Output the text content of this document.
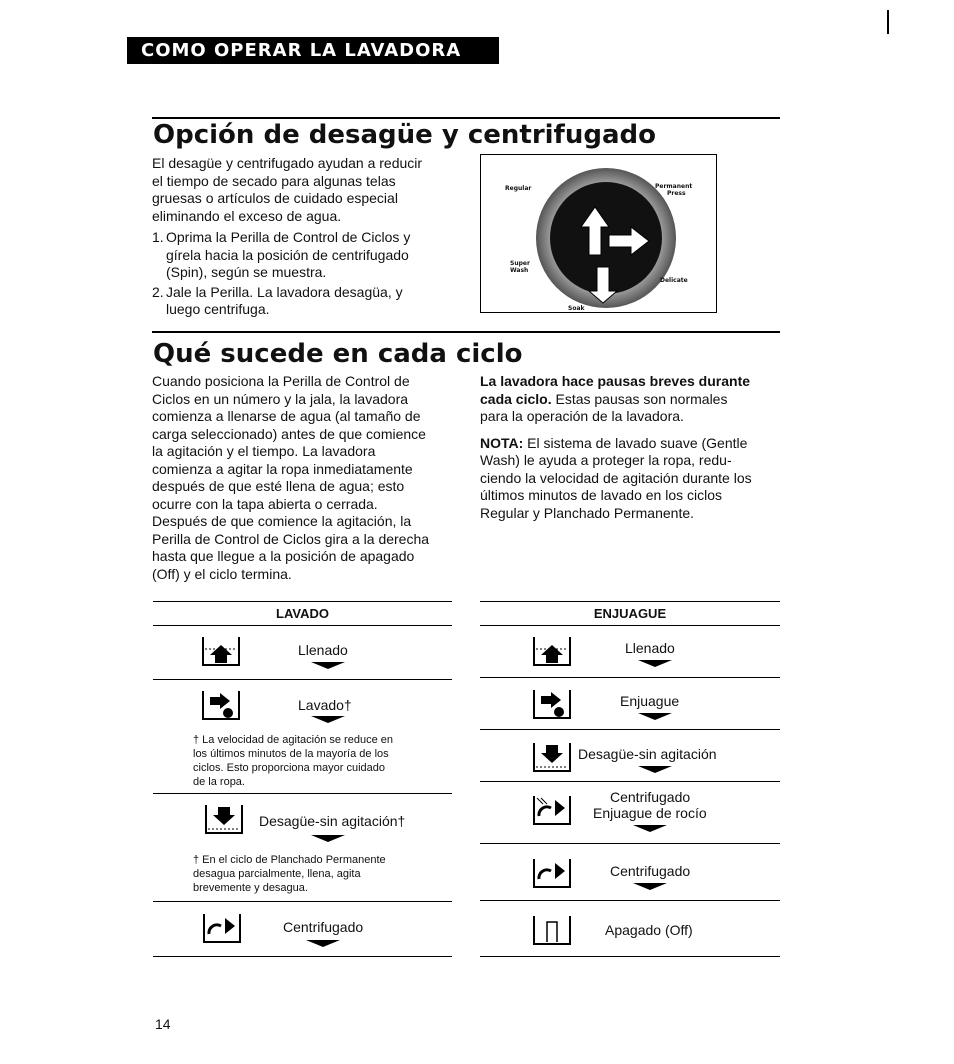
COMO OPERAR LA LAVADORA
Opción de desagüe y centrifugado

El desagüe y centrifugado ayudan a reducir

el tiempo de secado para algunas telas

gruesas o artículos de cuidado especial

eliminando el exceso de agua.

1. Oprima la Perilla de Control de Ciclos y

gírela hacia la posición de centrifugado

(Spin), según se muestra.

2. Jale la Perilla. La lavadora desagüa, y

luego centrifuga.

Regular	Permanent
Press
Super
Wash
Delicate
Soak
Qué sucede en cada ciclo

Cuando posiciona la Perilla de Control de

Ciclos en un número y la jala, la lavadora

comienza a llenarse de agua (al tamaño de

carga seleccionado) antes de que comience

la agitación y el tiempo. La lavadora

comienza a agitar la ropa inmediatamente

después de que esté llena de agua; esto

ocurre con la tapa abierta o cerrada.

Después de que comience la agitación, la

Perilla de Control de Ciclos gira a la derecha

hasta que llegue a la posición de apagado

(Off) y el ciclo termina.

La lavadora hace pausas breves durante

cada ciclo. Estas pausas son normales

para la operación de la lavadora.

NOTA: El sistema de lavado suave (Gentle

Wash) le ayuda a proteger la ropa, redu-

ciendo la velocidad de agitación durante los

últimos minutos de lavado en los ciclos

Regular y Planchado Permanente.

LAVADO
Llenado
Lavado†
† La velocidad de agitación se reduce en
los últimos minutos de la mayoría de los
ciclos. Esto proporciona mayor cuidado
de la ropa.
Desagüe-sin agitación†
† En el ciclo de Planchado Permanente
desagua parcialmente, llena, agita
brevemente y desagua.
Centrifugado
ENJUAGUE
Llenado
Enjuague
Desagüe-sin agitación
Centrifugado
Enjuague de rocío
Centrifugado
Apagado (Off)
14
